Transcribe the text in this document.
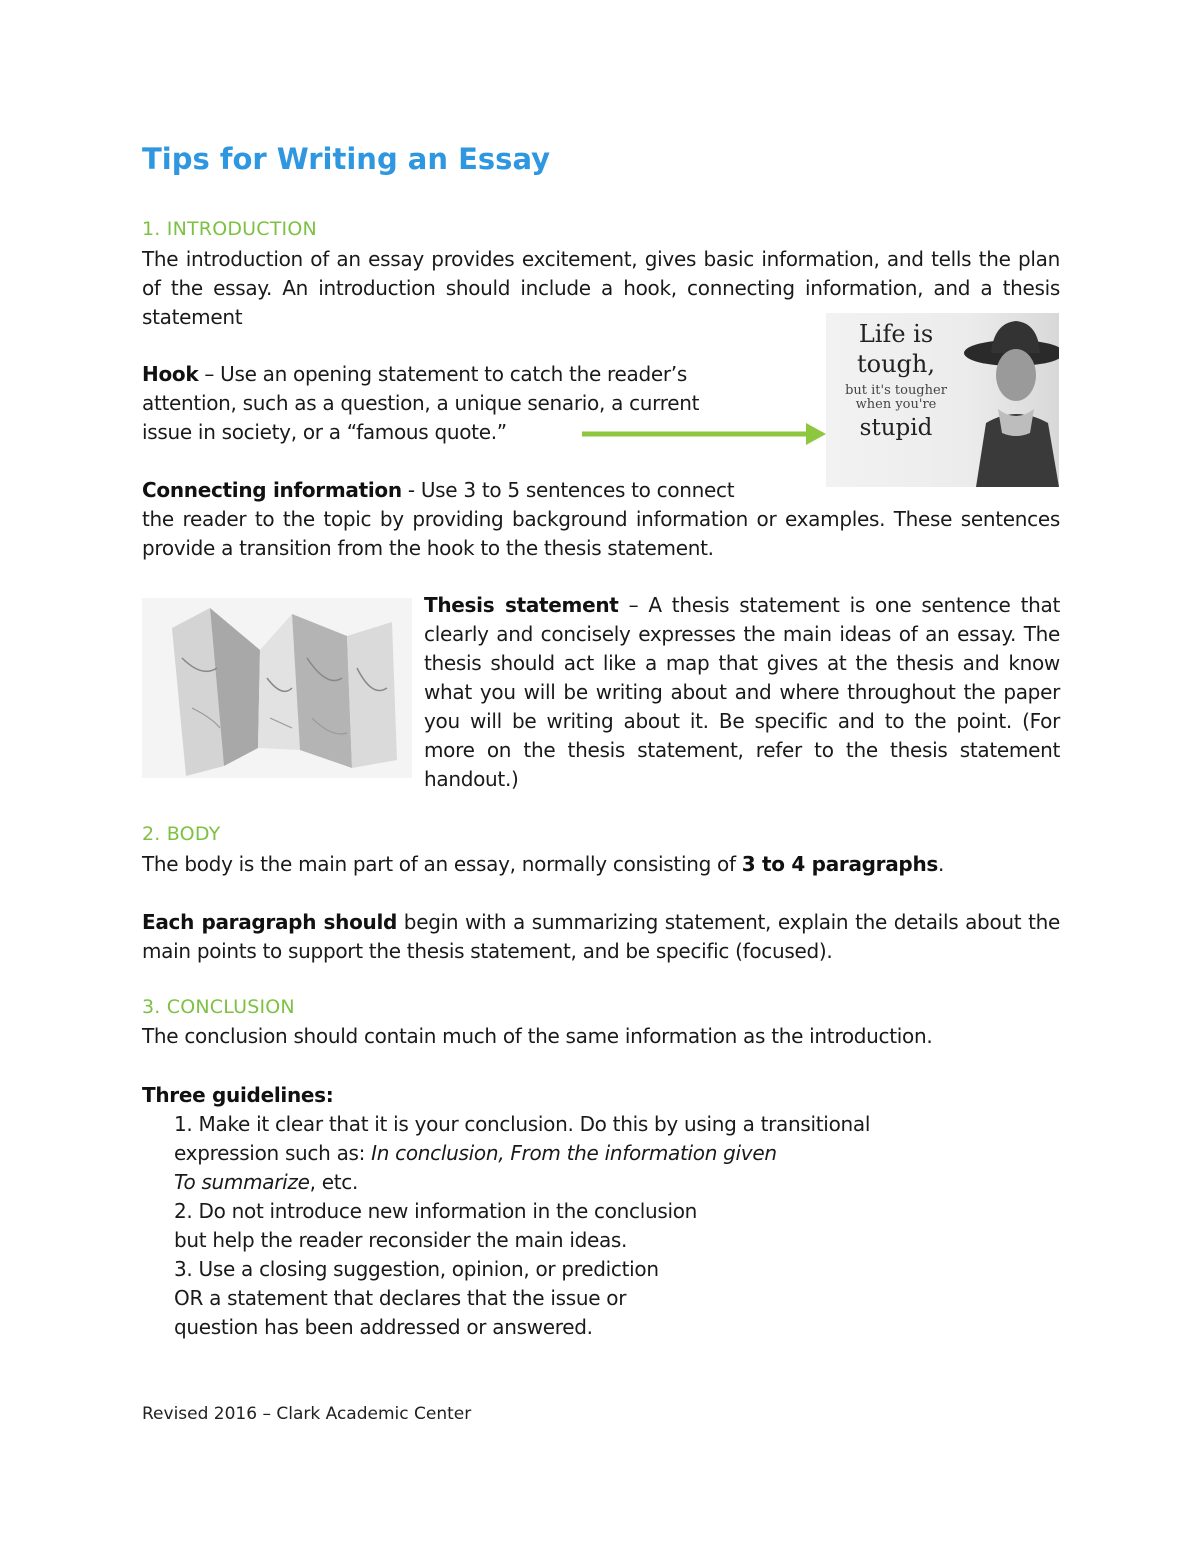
Tips for Writing an Essay
1. INTRODUCTION

The introduction of an essay provides excitement, gives basic information, and tells the plan of the essay. An introduction should include a hook, connecting information, and a thesis statement

Hook – Use an opening statement to catch the reader’s
attention, such as a question, a unique senario, a current
issue in society, or a “famous quote.”
Life is
tough,
but it's tougher
when you're
stupid
Connecting information - Use 3 to 5 sentences to connect
the reader to the topic by providing background information or examples. These sentences provide a transition from the hook to the thesis statement.

Thesis statement – A thesis statement is one sentence that clearly and concisely expresses the main ideas of an essay. The thesis should act like a map that gives at the thesis and know what you will be writing about and where throughout the paper you will be writing about it. Be specific and to the point. (For more on the thesis statement, refer to the thesis statement handout.)

2. BODY

The body is the main part of an essay, normally consisting of 3 to 4 paragraphs.

Each paragraph should begin with a summarizing statement, explain the details about the main points to support the thesis statement, and be specific (focused).

3. CONCLUSION

The conclusion should contain much of the same information as the introduction.

Three guidelines:

1. Make it clear that it is your conclusion. Do this by using a transitional
expression such as: In conclusion, From the information given
To summarize, etc.
2. Do not introduce new information in the conclusion
but help the reader reconsider the main ideas.
3. Use a closing suggestion, opinion, or prediction
OR a statement that declares that the issue or
question has been addressed or answered.
Revised 2016 – Clark Academic Center
